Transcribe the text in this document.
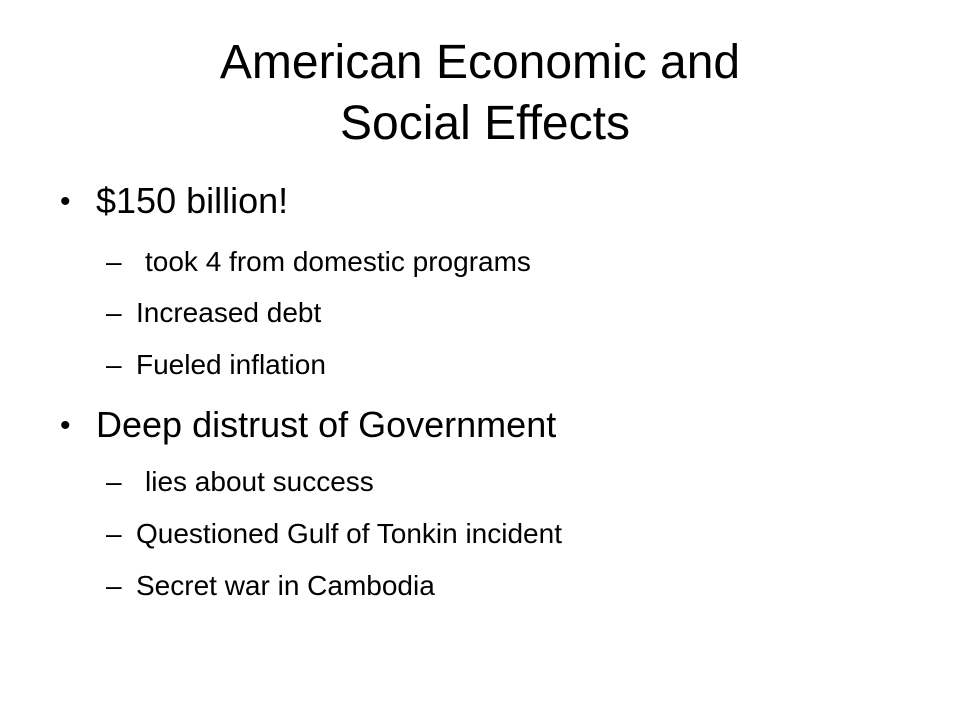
American Economic and
Social Effects
• $150 billion!
– took 4 from domestic programs
– Increased debt
– Fueled inflation
• Deep distrust of Government
– lies about success
– Questioned Gulf of Tonkin incident
– Secret war in Cambodia
